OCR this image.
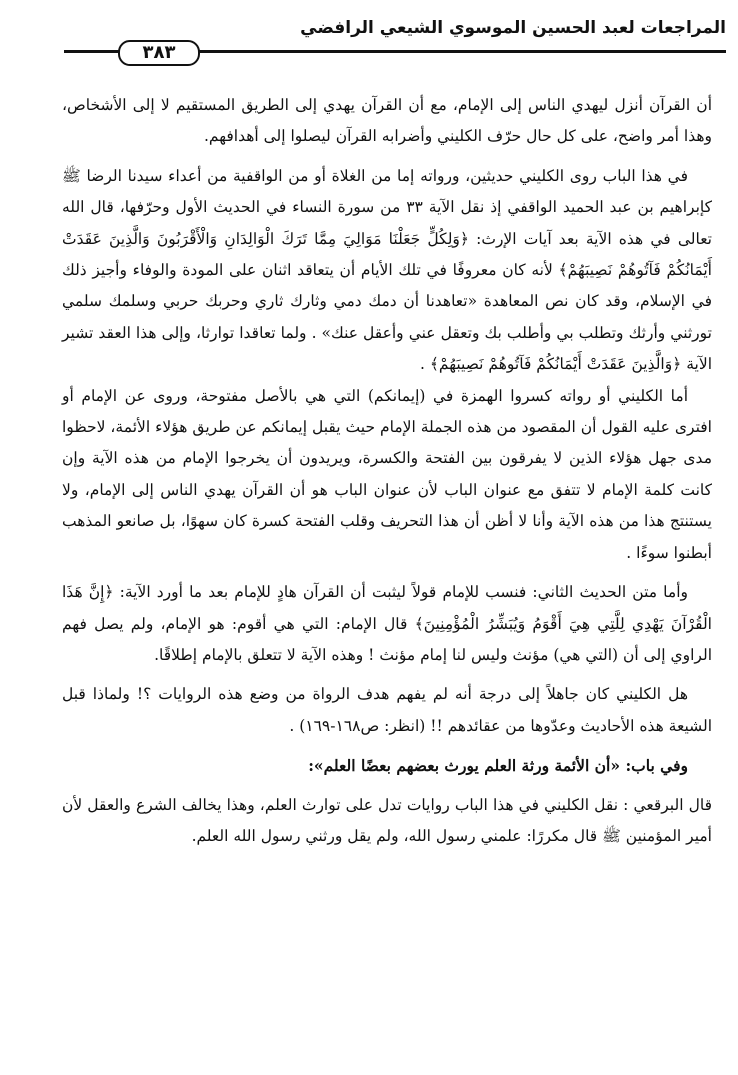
المراجعات لعبد الحسين الموسوي الشيعي الرافضي
٣٨٣

أن القرآن أنزل ليهدي الناس إلى الإمام، مع أن القرآن يهدي إلى الطريق المستقيم لا إلى الأشخاص، وهذا أمر واضح، على كل حال حرّف الكليني وأضرابه القرآن ليصلوا إلى أهدافهم.

في هذا الباب روى الكليني حديثين، ورواته إما من الغلاة أو من الواقفية من أعداء سيدنا الرضا ﷺ كإبراهيم بن عبد الحميد الواقفي إذ نقل الآية ٣٣ من سورة النساء في الحديث الأول وحرّفها، قال الله تعالى في هذه الآية بعد آيات الإرث: ﴿وَلِكُلٍّ جَعَلْنَا مَوَالِيَ مِمَّا تَرَكَ الْوَالِدَانِ وَالْأَقْرَبُونَ وَالَّذِينَ عَقَدَتْ أَيْمَانُكُمْ فَآتُوهُمْ نَصِيبَهُمْ﴾ لأنه كان معروفًا في تلك الأيام أن يتعاقد اثنان على المودة والوفاء وأجيز ذلك في الإسلام، وقد كان نص المعاهدة «تعاهدنا أن دمك دمي وثارك ثاري وحربك حربي وسلمك سلمي تورثني وأرثك وتطلب بي وأطلب بك وتعقل عني وأعقل عنك» . ولما تعاقدا توارثا، وإلى هذا العقد تشير الآية ﴿وَالَّذِينَ عَقَدَتْ أَيْمَانُكُمْ فَآتُوهُمْ نَصِيبَهُمْ﴾ .

أما الكليني أو رواته كسروا الهمزة في (إيمانكم) التي هي بالأصل مفتوحة، وروى عن الإمام أو افترى عليه القول أن المقصود من هذه الجملة الإمام حيث يقبل إيمانكم عن طريق هؤلاء الأئمة، لاحظوا مدى جهل هؤلاء الذين لا يفرقون بين الفتحة والكسرة، ويريدون أن يخرجوا الإمام من هذه الآية وإن كانت كلمة الإمام لا تتفق مع عنوان الباب لأن عنوان الباب هو أن القرآن يهدي الناس إلى الإمام، ولا يستنتج هذا من هذه الآية وأنا لا أظن أن هذا التحريف وقلب الفتحة كسرة كان سهوًا، بل صانعو المذهب أبطنوا سوءًا .

وأما متن الحديث الثاني: فنسب للإمام قولاً ليثبت أن القرآن هادٍ للإمام بعد ما أورد الآية: ﴿إِنَّ هَذَا الْقُرْآنَ يَهْدِي لِلَّتِي هِيَ أَقْوَمُ وَيُبَشِّرُ الْمُؤْمِنِينَ﴾ قال الإمام: التي هي أقوم: هو الإمام، ولم يصل فهم الراوي إلى أن (التي هي) مؤنث وليس لنا إمام مؤنث ! وهذه الآية لا تتعلق بالإمام إطلاقًا.

هل الكليني كان جاهلاً إلى درجة أنه لم يفهم هدف الرواة من وضع هذه الروايات ؟! ولماذا قبل الشيعة هذه الأحاديث وعدّوها من عقائدهم !! (انظر: ص١٦٨-١٦٩) .

وفي باب: «أن الأئمة ورثة العلم يورث بعضهم بعضًا العلم»:

قال البرقعي : نقل الكليني في هذا الباب روايات تدل على توارث العلم، وهذا يخالف الشرع والعقل لأن أمير المؤمنين ﷺ قال مكررًا: علمني رسول الله، ولم يقل ورثني رسول الله العلم.
